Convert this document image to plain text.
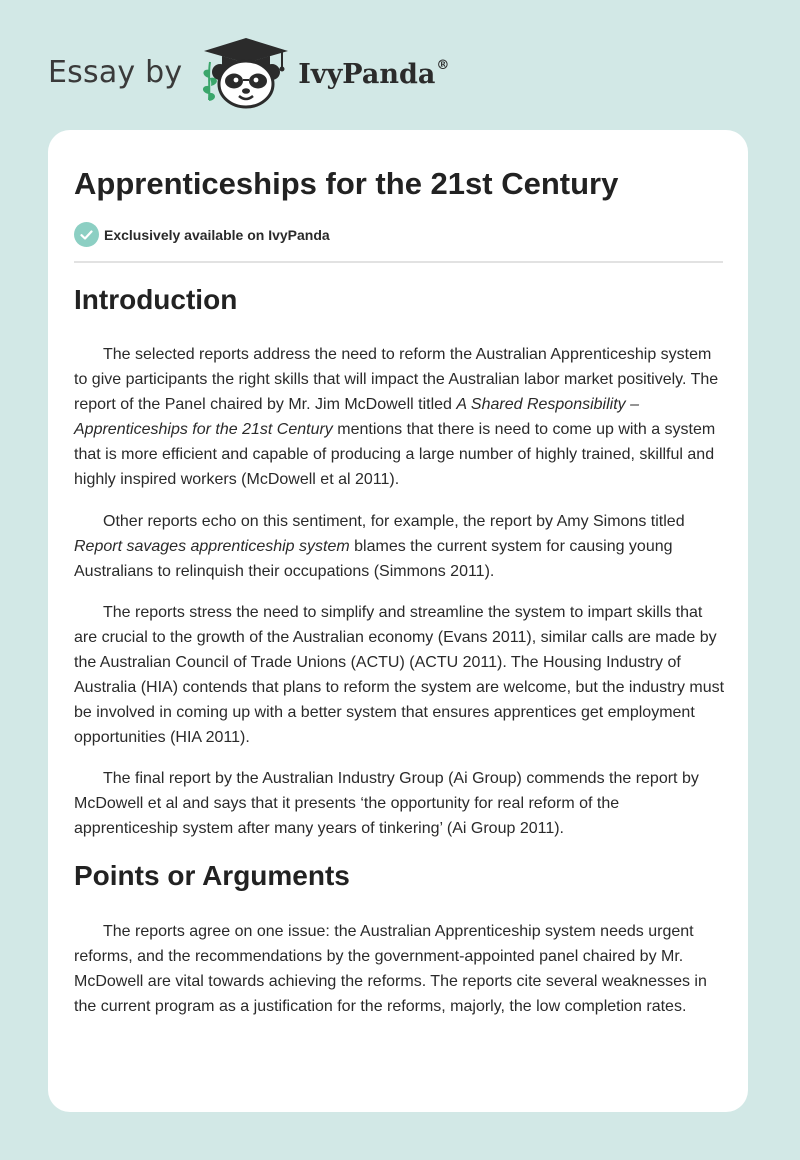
Essay by	IvyPanda®
Apprenticeships for the 21st Century
Exclusively available on IvyPanda
Introduction

The selected reports address the need to reform the Australian Apprenticeship system to give participants the right skills that will impact the Australian labor market positively. The report of the Panel chaired by Mr. Jim McDowell titled A Shared Responsibility – Apprenticeships for the 21st Century mentions that there is need to come up with a system that is more efficient and capable of producing a large number of highly trained, skillful and highly inspired workers (McDowell et al 2011).

Other reports echo on this sentiment, for example, the report by Amy Simons titled Report savages apprenticeship system blames the current system for causing young Australians to relinquish their occupations (Simmons 2011).

The reports stress the need to simplify and streamline the system to impart skills that are crucial to the growth of the Australian economy (Evans 2011), similar calls are made by the Australian Council of Trade Unions (ACTU) (ACTU 2011). The Housing Industry of Australia (HIA) contends that plans to reform the system are welcome, but the industry must be involved in coming up with a better system that ensures apprentices get employment opportunities (HIA 2011).

The final report by the Australian Industry Group (Ai Group) commends the report by McDowell et al and says that it presents ‘the opportunity for real reform of the apprenticeship system after many years of tinkering’ (Ai Group 2011).

Points or Arguments

The reports agree on one issue: the Australian Apprenticeship system needs urgent reforms, and the recommendations by the government-appointed panel chaired by Mr. McDowell are vital towards achieving the reforms. The reports cite several weaknesses in the current program as a justification for the reforms, majorly, the low completion rates.
